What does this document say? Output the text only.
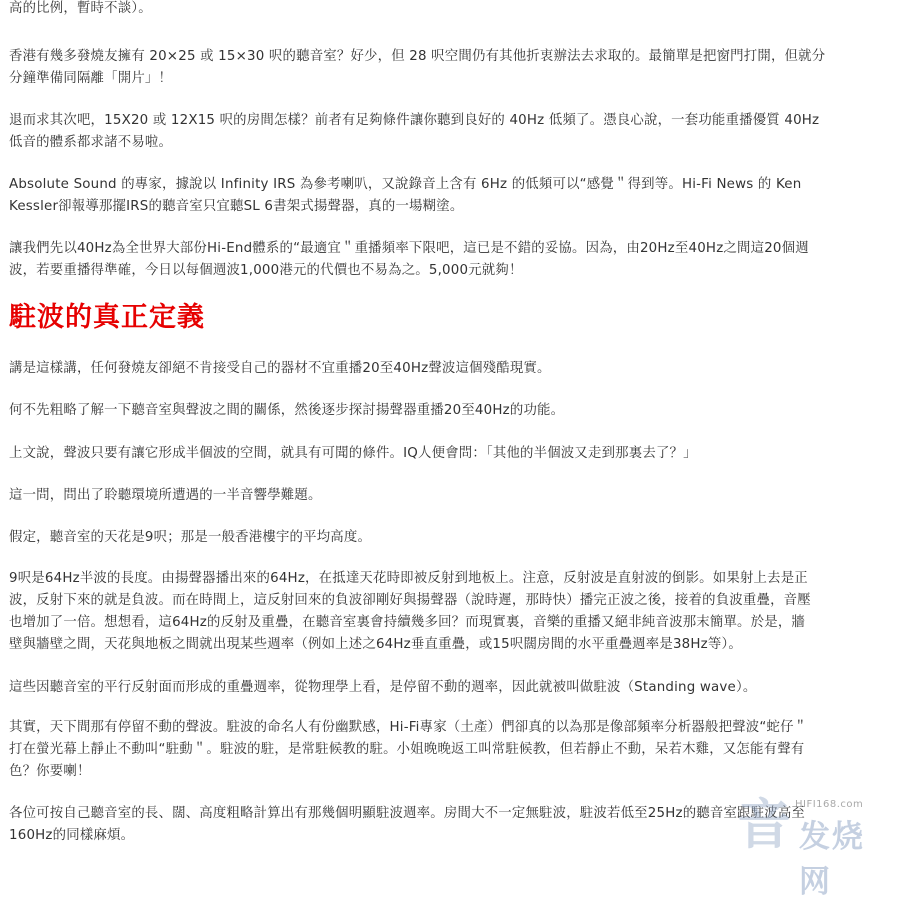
高的比例，暫時不談）。

香港有幾多發燒友擁有 20×25 或 15×30 呎的聽音室？好少，但 28 呎空間仍有其他折衷辦法去求取的。最簡單是把窗門打開，但就分
分鐘準備同隔離「開片」！

退而求其次吧，15X20 或 12X15 呎的房間怎樣？前者有足夠條件讓你聽到良好的 40Hz 低頻了。憑良心說，一套功能重播優質 40Hz
低音的體系都求諸不易啦。

Absolute Sound 的專家，據說以 Infinity IRS 為參考喇叭，又說錄音上含有 6Hz 的低頻可以“感覺＂得到等。Hi-Fi News 的 Ken
Kessler卻報導那擺IRS的聽音室只宜聽SL 6書架式揚聲器，真的一場糊塗。

讓我們先以40Hz為全世界大部份Hi-End體系的“最適宜＂重播頻率下限吧，這已是不錯的妥協。因為，由20Hz至40Hz之間這20個週
波，若要重播得準確，今日以每個週波1,000港元的代價也不易為之。5,000元就夠！

駐波的真正定義

講是這樣講，任何發燒友卻絕不肯接受自己的器材不宜重播20至40Hz聲波這個殘酷現實。

何不先粗略了解一下聽音室與聲波之間的關係，然後逐步探討揚聲器重播20至40Hz的功能。

上文說，聲波只要有讓它形成半個波的空間，就具有可聞的條件。IQ人便會問：「其他的半個波又走到那裏去了？」

這一問，問出了聆聽環境所遭遇的一半音響學難題。

假定，聽音室的天花是9呎；那是一般香港樓宇的平均高度。

9呎是64Hz半波的長度。由揚聲器播出來的64Hz，在抵達天花時即被反射到地板上。注意，反射波是直射波的倒影。如果射上去是正
波，反射下來的就是負波。而在時間上，這反射回來的負波卻剛好與揚聲器（說時遲，那時快）播完正波之後，接着的負波重疊，音壓
也增加了一倍。想想看，這64Hz的反射及重疊，在聽音室裏會持續幾多回？而現實裏，音樂的重播又絕非純音波那末簡單。於是，牆
壁與牆壁之間，天花與地板之間就出現某些週率（例如上述之64Hz垂直重疊，或15呎闊房間的水平重疊週率是38Hz等）。

這些因聽音室的平行反射面而形成的重疊週率，從物理學上看，是停留不動的週率，因此就被叫做駐波（Standing wave）。

其實，天下間那有停留不動的聲波。駐波的命名人有份幽默感，Hi-Fi專家（土產）們卻真的以為那是像部頻率分析器般把聲波“蛇仔＂
打在螢光幕上靜止不動叫“駐動＂。駐波的駐，是常駐候教的駐。小姐晚晚返工叫常駐候教，但若靜止不動，呆若木雞，又怎能有聲有
色？你要喇！

各位可按自己聽音室的長、闊、高度粗略計算出有那幾個明顯駐波週率。房間大不一定無駐波，駐波若低至25Hz的聽音室跟駐波高至
160Hz的同樣麻煩。	音 HIFI168.com
发烧网
